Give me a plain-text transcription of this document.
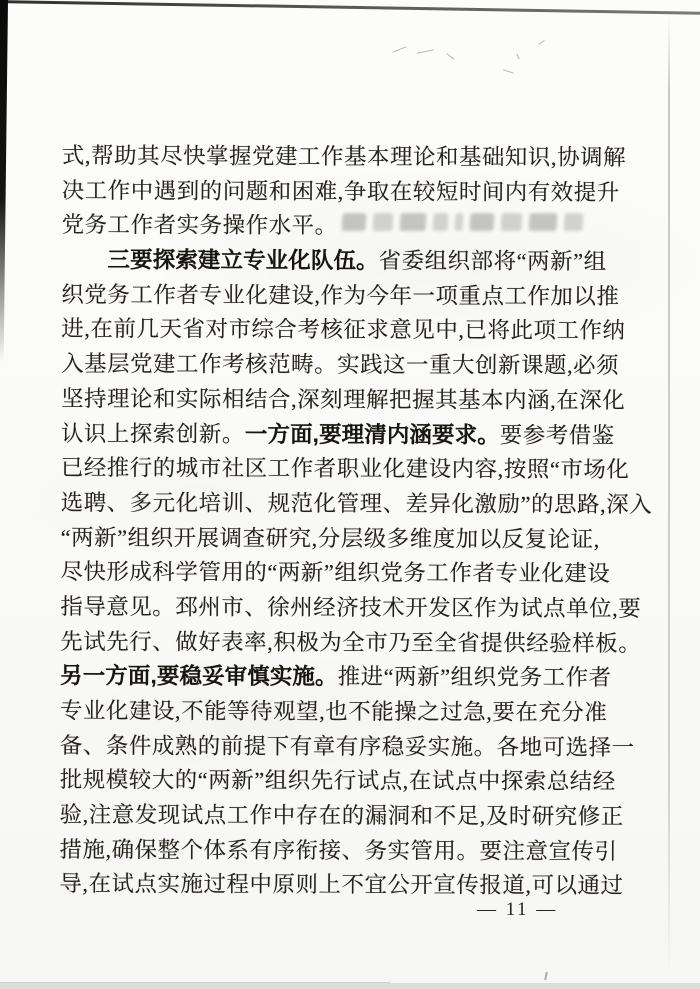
式,帮助其尽快掌握党建工作基本理论和基础知识,协调解
决工作中遇到的问题和困难,争取在较短时间内有效提升
党务工作者实务操作水平。
三要探索建立专业化队伍。省委组织部将“两新”组
织党务工作者专业化建设,作为今年一项重点工作加以推
进,在前几天省对市综合考核征求意见中,已将此项工作纳
入基层党建工作考核范畴。实践这一重大创新课题,必须
坚持理论和实际相结合,深刻理解把握其基本内涵,在深化
认识上探索创新。一方面,要理清内涵要求。要参考借鉴
已经推行的城市社区工作者职业化建设内容,按照“市场化
选聘、多元化培训、规范化管理、差异化激励”的思路,深入
“两新”组织开展调查研究,分层级多维度加以反复论证,
尽快形成科学管用的“两新”组织党务工作者专业化建设
指导意见。邳州市、徐州经济技术开发区作为试点单位,要
先试先行、做好表率,积极为全市乃至全省提供经验样板。
另一方面,要稳妥审慎实施。推进“两新”组织党务工作者
专业化建设,不能等待观望,也不能操之过急,要在充分准
备、条件成熟的前提下有章有序稳妥实施。各地可选择一
批规模较大的“两新”组织先行试点,在试点中探索总结经
验,注意发现试点工作中存在的漏洞和不足,及时研究修正
措施,确保整个体系有序衔接、务实管用。要注意宣传引
导,在试点实施过程中原则上不宜公开宣传报道,可以通过
— 11 —
